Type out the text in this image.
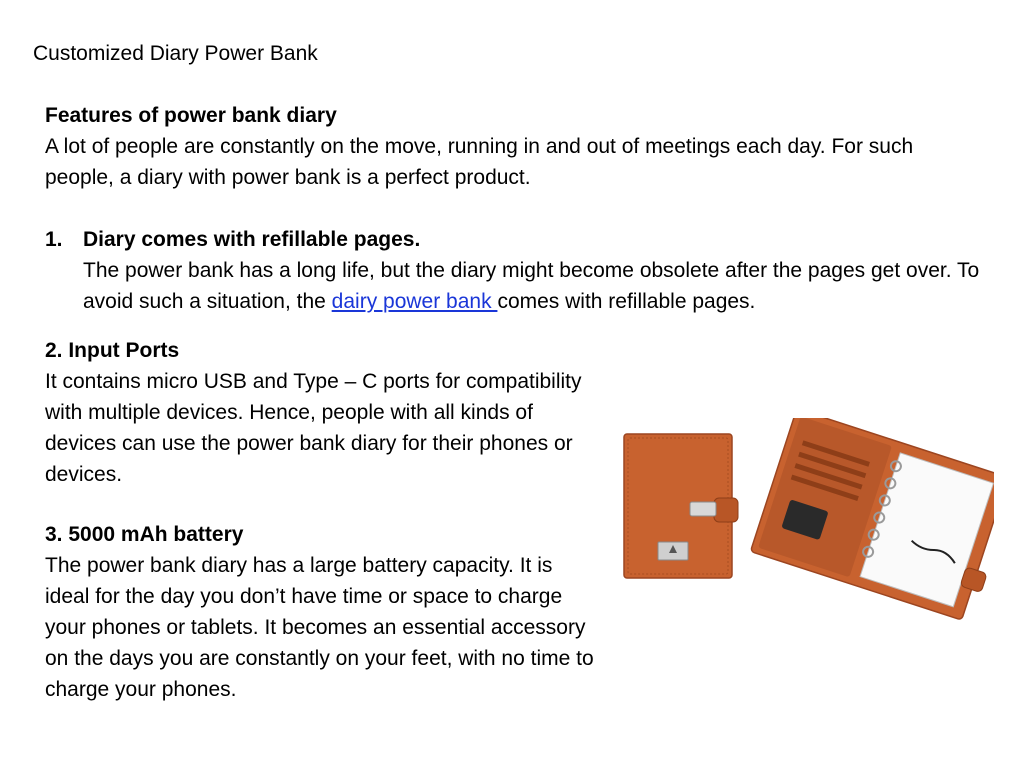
Customized Diary Power Bank
Features of power bank diary
A lot of people are constantly on the move, running in and out of meetings each day. For such people, a diary with power bank is a perfect product.
1. Diary comes with refillable pages.
The power bank has a long life, but the diary might become obsolete after the pages get over. To avoid such a situation, the dairy power bank comes with refillable pages.
2. Input Ports
It contains micro USB and Type – C ports for compatibility with multiple devices. Hence, people with all kinds of devices can use the power bank diary for their phones or devices.
3. 5000 mAh battery
The power bank diary has a large battery capacity. It is ideal for the day you don’t have time or space to charge your phones or tablets. It becomes an essential accessory on the days you are constantly on your feet, with no time to charge your phones.
